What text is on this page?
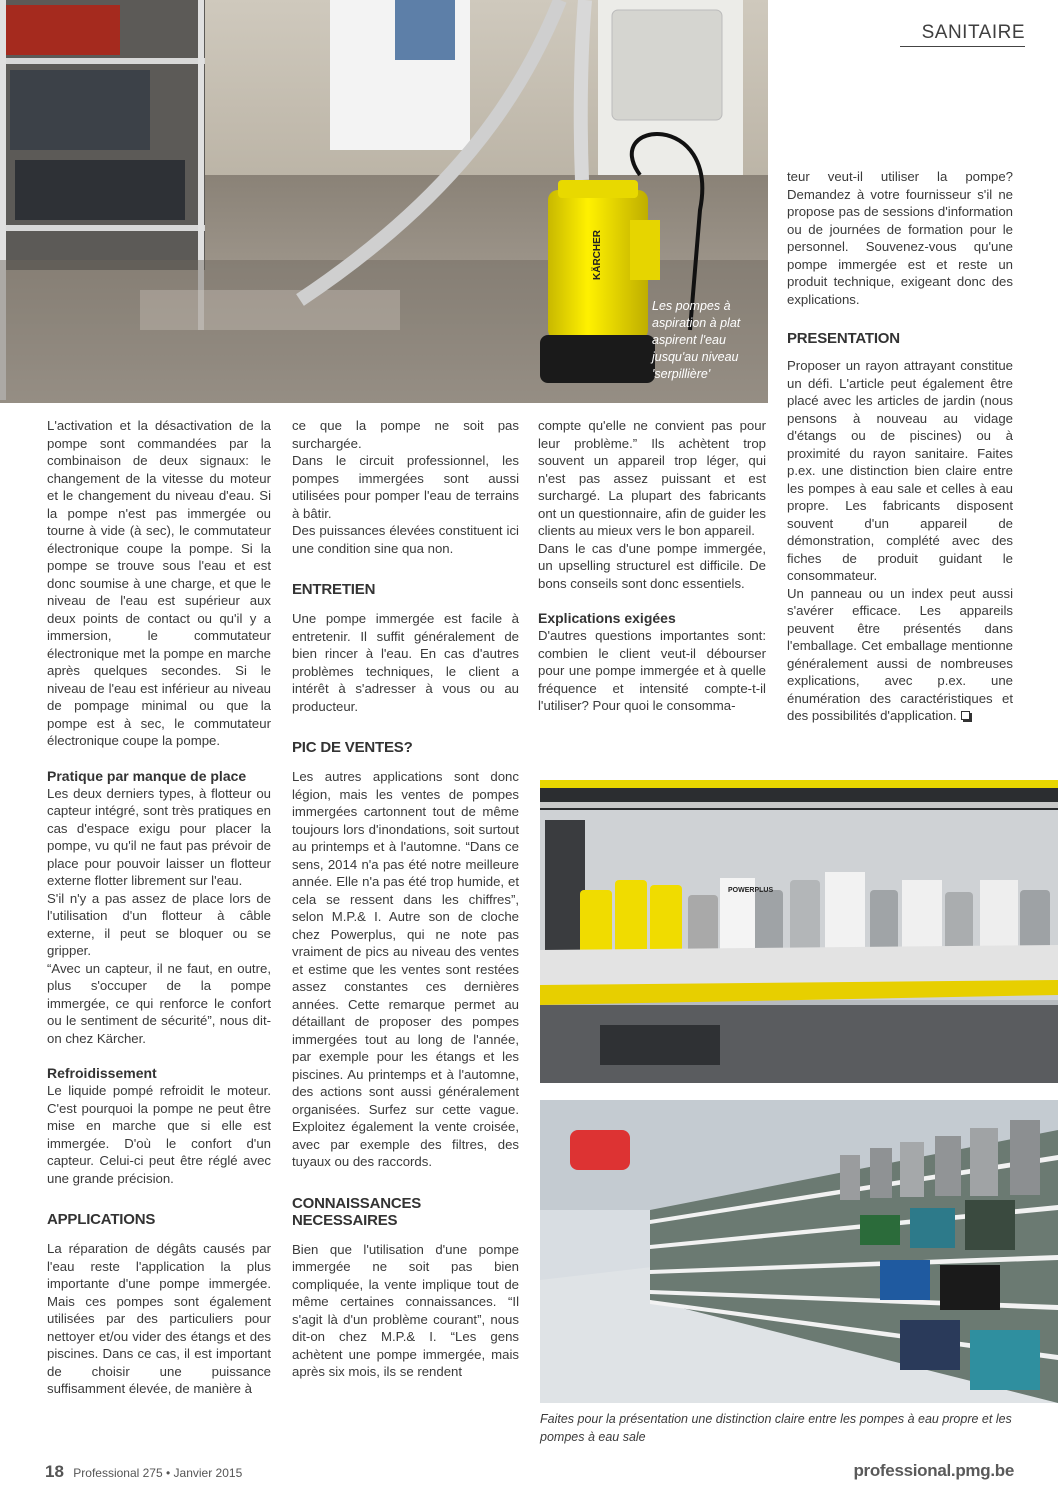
SANITAIRE
KÄRCHER
Les pompes à
aspiration à plat
aspirent l'eau
jusqu'au niveau
'serpillière'

teur veut-il utiliser la pompe? Demandez à votre fournisseur s'il ne propose pas de sessions d'information ou de journées de formation pour le personnel. Souvenez-vous qu'une pompe immergée est et reste un produit technique, exigeant donc des explications.

PRESENTATION

Proposer un rayon attrayant constitue un défi. L'article peut également être placé avec les articles de jardin (nous pensons à nouveau au vidage d'étangs ou de piscines) ou à proximité du rayon sanitaire. Faites p.ex. une distinction bien claire entre les pompes à eau sale et celles à eau propre. Les fabricants disposent souvent d'un appareil de démonstration, complété avec des fiches de produit guidant le consommateur.

Un panneau ou un index peut aussi s'avérer efficace. Les appareils peuvent être présentés dans l'emballage. Cet emballage mentionne généralement aussi de nombreuses explications, avec p.ex. une énumération des caractéristiques et des possibilités d'application.

L'activation et la désactivation de la pompe sont commandées par la combinaison de deux signaux: le changement de la vitesse du moteur et le changement du niveau d'eau. Si la pompe n'est pas immergée ou tourne à vide (à sec), le commutateur électronique coupe la pompe. Si la pompe se trouve sous l'eau et est donc soumise à une charge, et que le niveau de l'eau est supérieur aux deux points de contact ou qu'il y a immersion, le commutateur électronique met la pompe en marche après quelques secondes. Si le niveau de l'eau est inférieur au niveau de pompage minimal ou que la pompe est à sec, le commutateur électronique coupe la pompe.

Pratique par manque de place

Les deux derniers types, à flotteur ou capteur intégré, sont très pratiques en cas d'espace exigu pour placer la pompe, vu qu'il ne faut pas prévoir de place pour pouvoir laisser un flotteur externe flotter librement sur l'eau.

S'il n'y a pas assez de place lors de l'utilisation d'un flotteur à câble externe, il peut se bloquer ou se gripper.

“Avec un capteur, il ne faut, en outre, plus s'occuper de la pompe immergée, ce qui renforce le confort ou le sentiment de sécurité”, nous dit-on chez Kärcher.

Refroidissement

Le liquide pompé refroidit le moteur. C'est pourquoi la pompe ne peut être mise en marche que si elle est immergée. D'où le confort d'un capteur. Celui-ci peut être réglé avec une grande précision.

APPLICATIONS

La réparation de dégâts causés par l'eau reste l'application la plus importante d'une pompe immergée. Mais ces pompes sont également utilisées par des particuliers pour nettoyer et/ou vider des étangs et des piscines. Dans ce cas, il est important de choisir une puissance suffisamment élevée, de manière à

ce que la pompe ne soit pas surchargée.

Dans le circuit professionnel, les pompes immergées sont aussi utilisées pour pomper l'eau de terrains à bâtir.

Des puissances élevées constituent ici une condition sine qua non.

ENTRETIEN

Une pompe immergée est facile à entretenir. Il suffit généralement de bien rincer à l'eau. En cas d'autres problèmes techniques, le client a intérêt à s'adresser à vous ou au producteur.

PIC DE VENTES?

Les autres applications sont donc légion, mais les ventes de pompes immergées cartonnent tout de même toujours lors d'inondations, soit surtout au printemps et à l'automne. “Dans ce sens, 2014 n'a pas été notre meilleure année. Elle n'a pas été trop humide, et cela se ressent dans les chiffres”, selon M.P.& I. Autre son de cloche chez Powerplus, qui ne note pas vraiment de pics au niveau des ventes et estime que les ventes sont restées assez constantes ces dernières années. Cette remarque permet au détaillant de proposer des pompes immergées tout au long de l'année, par exemple pour les étangs et les piscines. Au printemps et à l'automne, des actions sont aussi généralement organisées. Surfez sur cette vague. Exploitez également la vente croisée, avec par exemple des filtres, des tuyaux ou des raccords.

CONNAISSANCES
NECESSAIRES

Bien que l'utilisation d'une pompe immergée ne soit pas bien compliquée, la vente implique tout de même certaines connaissances. “Il s'agit là d'un problème courant”, nous dit-on chez M.P.& I. “Les gens achètent une pompe immergée, mais après six mois, ils se rendent

compte qu'elle ne convient pas pour leur problème.” Ils achètent trop souvent un appareil trop léger, qui n'est pas assez puissant et est surchargé. La plupart des fabricants ont un questionnaire, afin de guider les clients au mieux vers le bon appareil.

Dans le cas d'une pompe immergée, un upselling structurel est difficile. De bons conseils sont donc essentiels.

Explications exigées

D'autres questions importantes sont: combien le client veut-il débourser pour une pompe immergée et à quelle fréquence et intensité compte-t-il l'utiliser? Pour quoi le consomma-

POWERPLUS
Faites pour la présentation une distinction claire entre les pompes à eau propre et les pompes à eau sale
18 Professional 275 • Janvier 2015	professional.pmg.be
